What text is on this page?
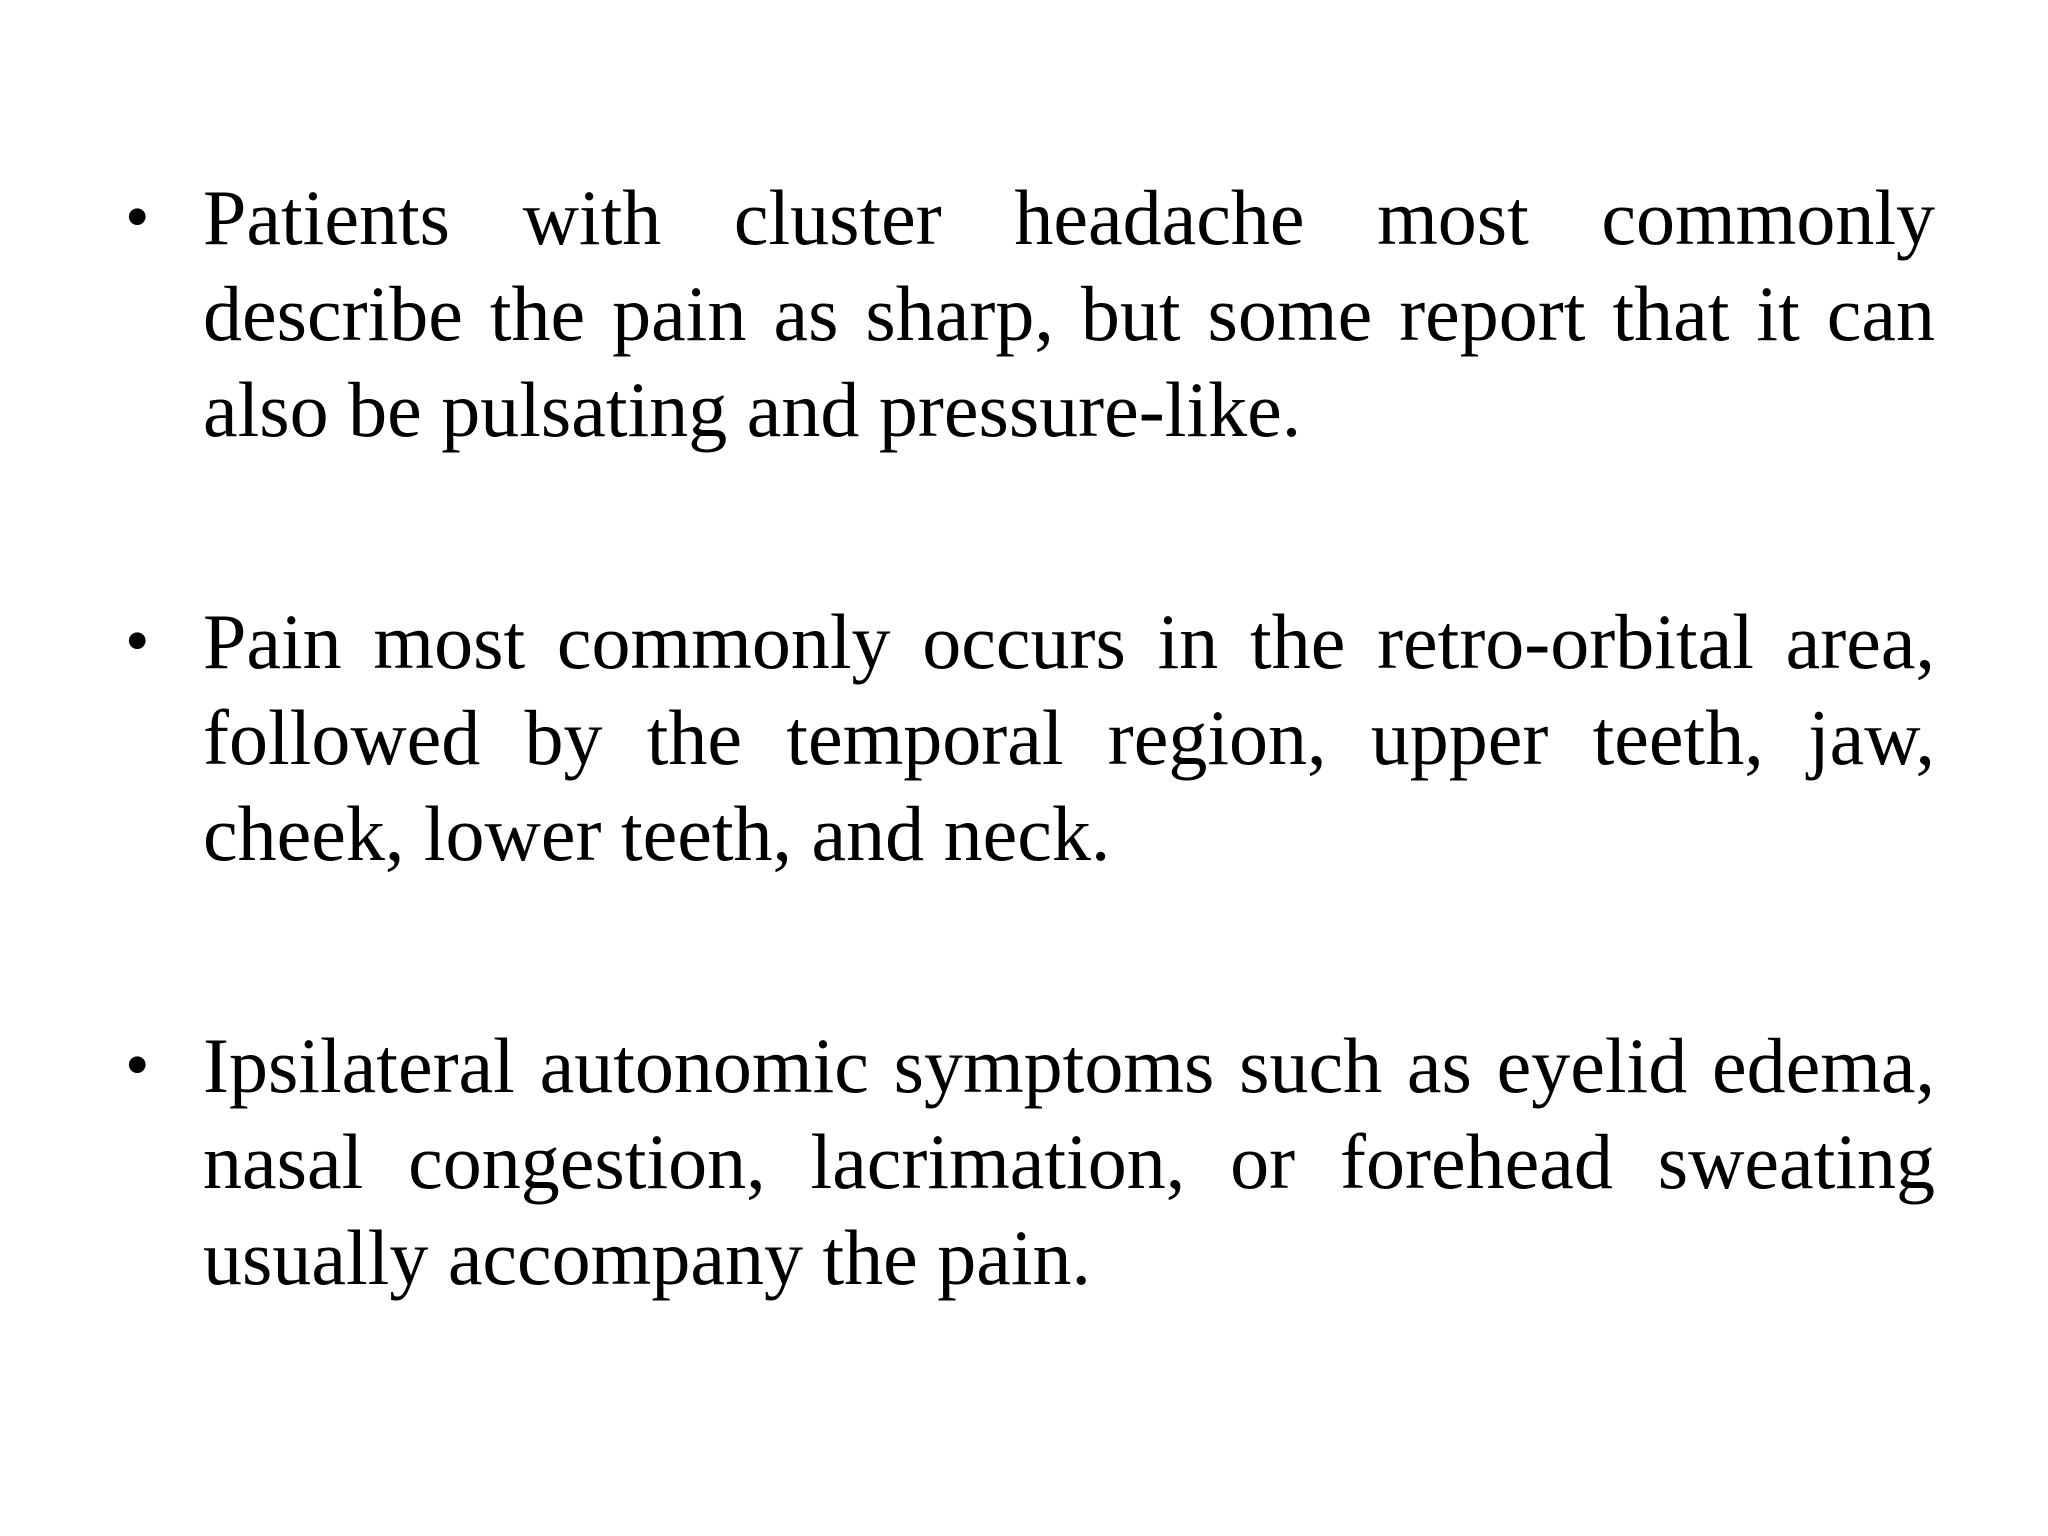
• Patients with cluster headache most commonly describe the pain as sharp, but some report that it can also be pulsating and pressure-like.
• Pain most commonly occurs in the retro-orbital area, followed by the temporal region, upper teeth, jaw, cheek, lower teeth, and neck.
• Ipsilateral autonomic symptoms such as eyelid edema, nasal congestion, lacrimation, or forehead sweating usually accompany the pain.
